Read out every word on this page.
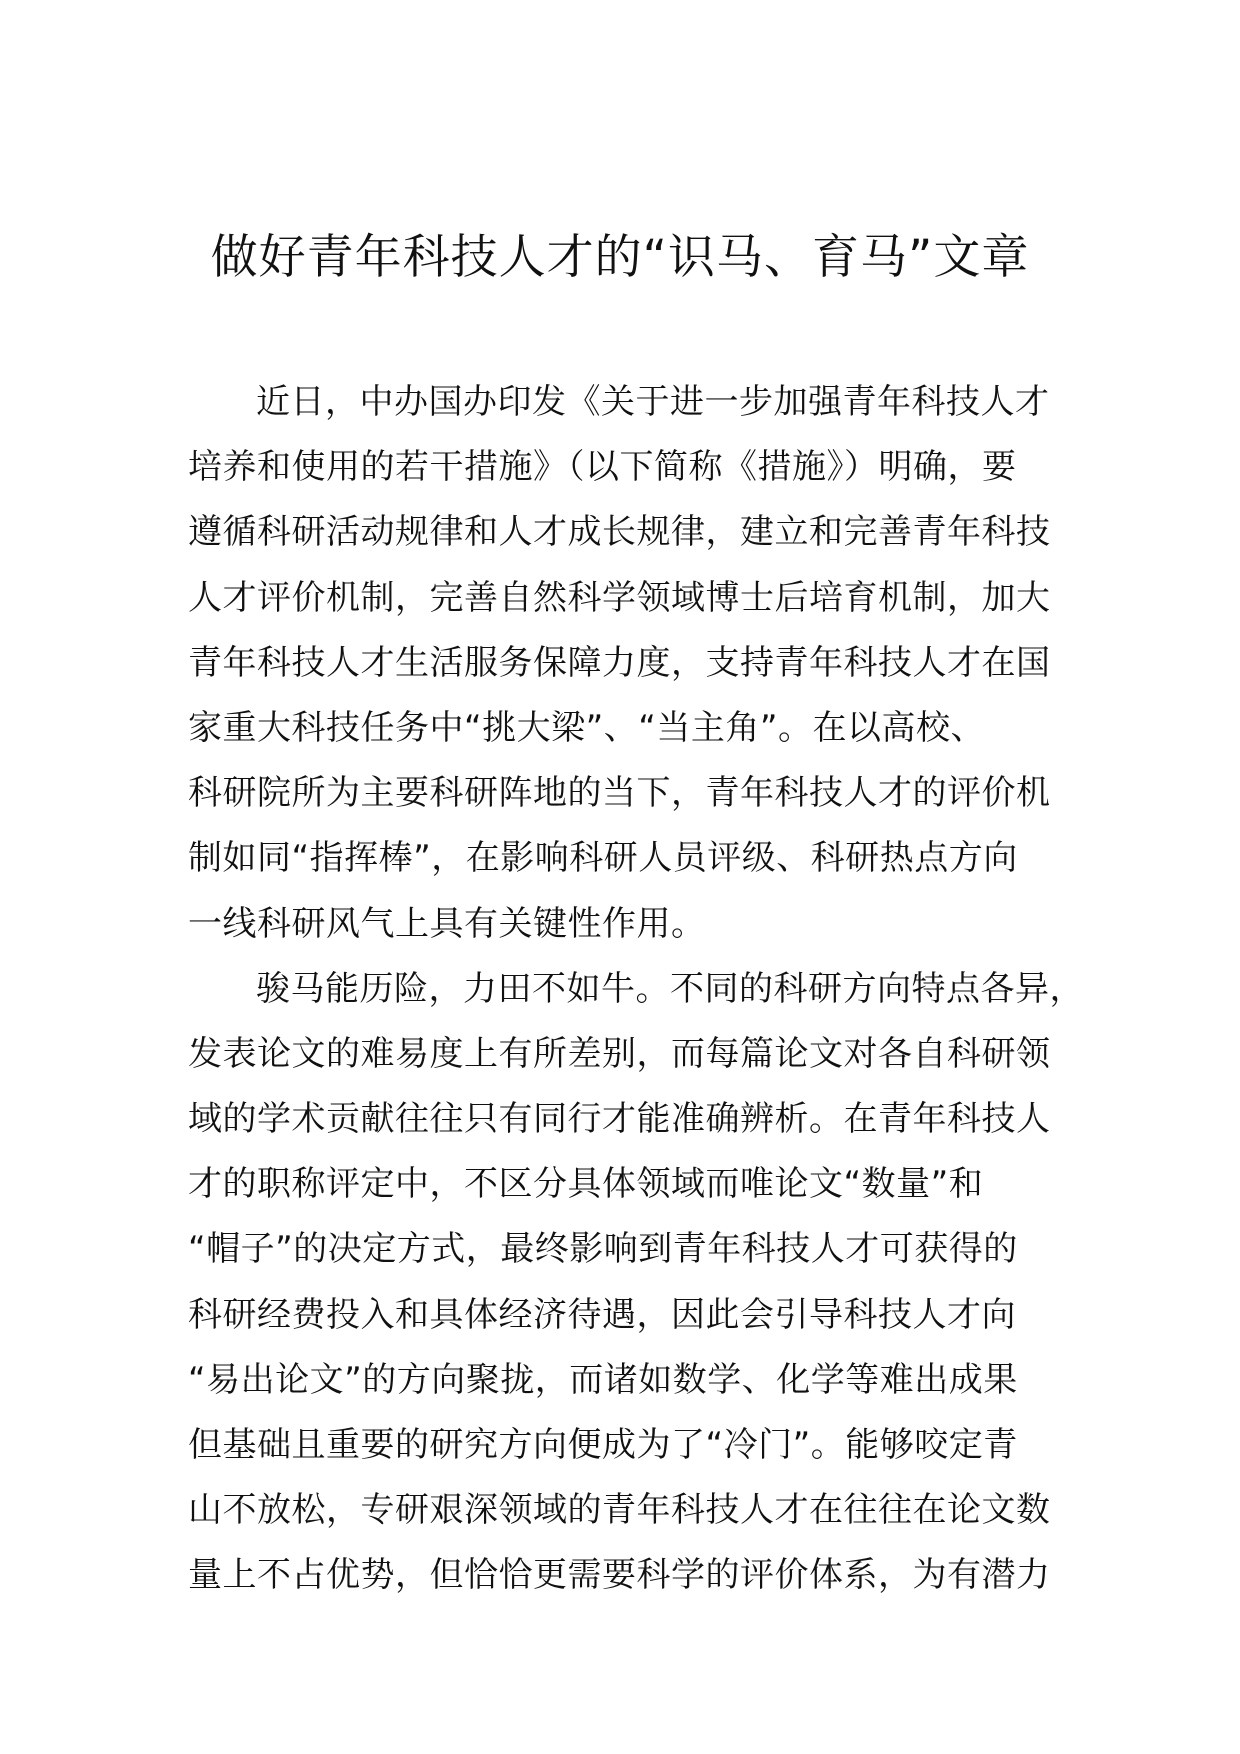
做好青年科技人才的“识马、育马”文章
近日，中办国办印发《关于进一步加强青年科技人才
培养和使用的若干措施》（以下简称《措施》）明确，要
遵循科研活动规律和人才成长规律，建立和完善青年科技
人才评价机制，完善自然科学领域博士后培育机制，加大
青年科技人才生活服务保障力度，支持青年科技人才在国
家重大科技任务中“挑大梁”、“当主角”。在以高校、
科研院所为主要科研阵地的当下，青年科技人才的评价机
制如同“指挥棒”，在影响科研人员评级、科研热点方向
一线科研风气上具有关键性作用。
骏马能历险，力田不如牛。不同的科研方向特点各异，
发表论文的难易度上有所差别，而每篇论文对各自科研领
域的学术贡献往往只有同行才能准确辨析。在青年科技人
才的职称评定中，不区分具体领域而唯论文“数量”和
“帽子”的决定方式，最终影响到青年科技人才可获得的
科研经费投入和具体经济待遇，因此会引导科技人才向
“易出论文”的方向聚拢，而诸如数学、化学等难出成果
但基础且重要的研究方向便成为了“冷门”。能够咬定青
山不放松，专研艰深领域的青年科技人才在往往在论文数
量上不占优势，但恰恰更需要科学的评价体系，为有潜力
